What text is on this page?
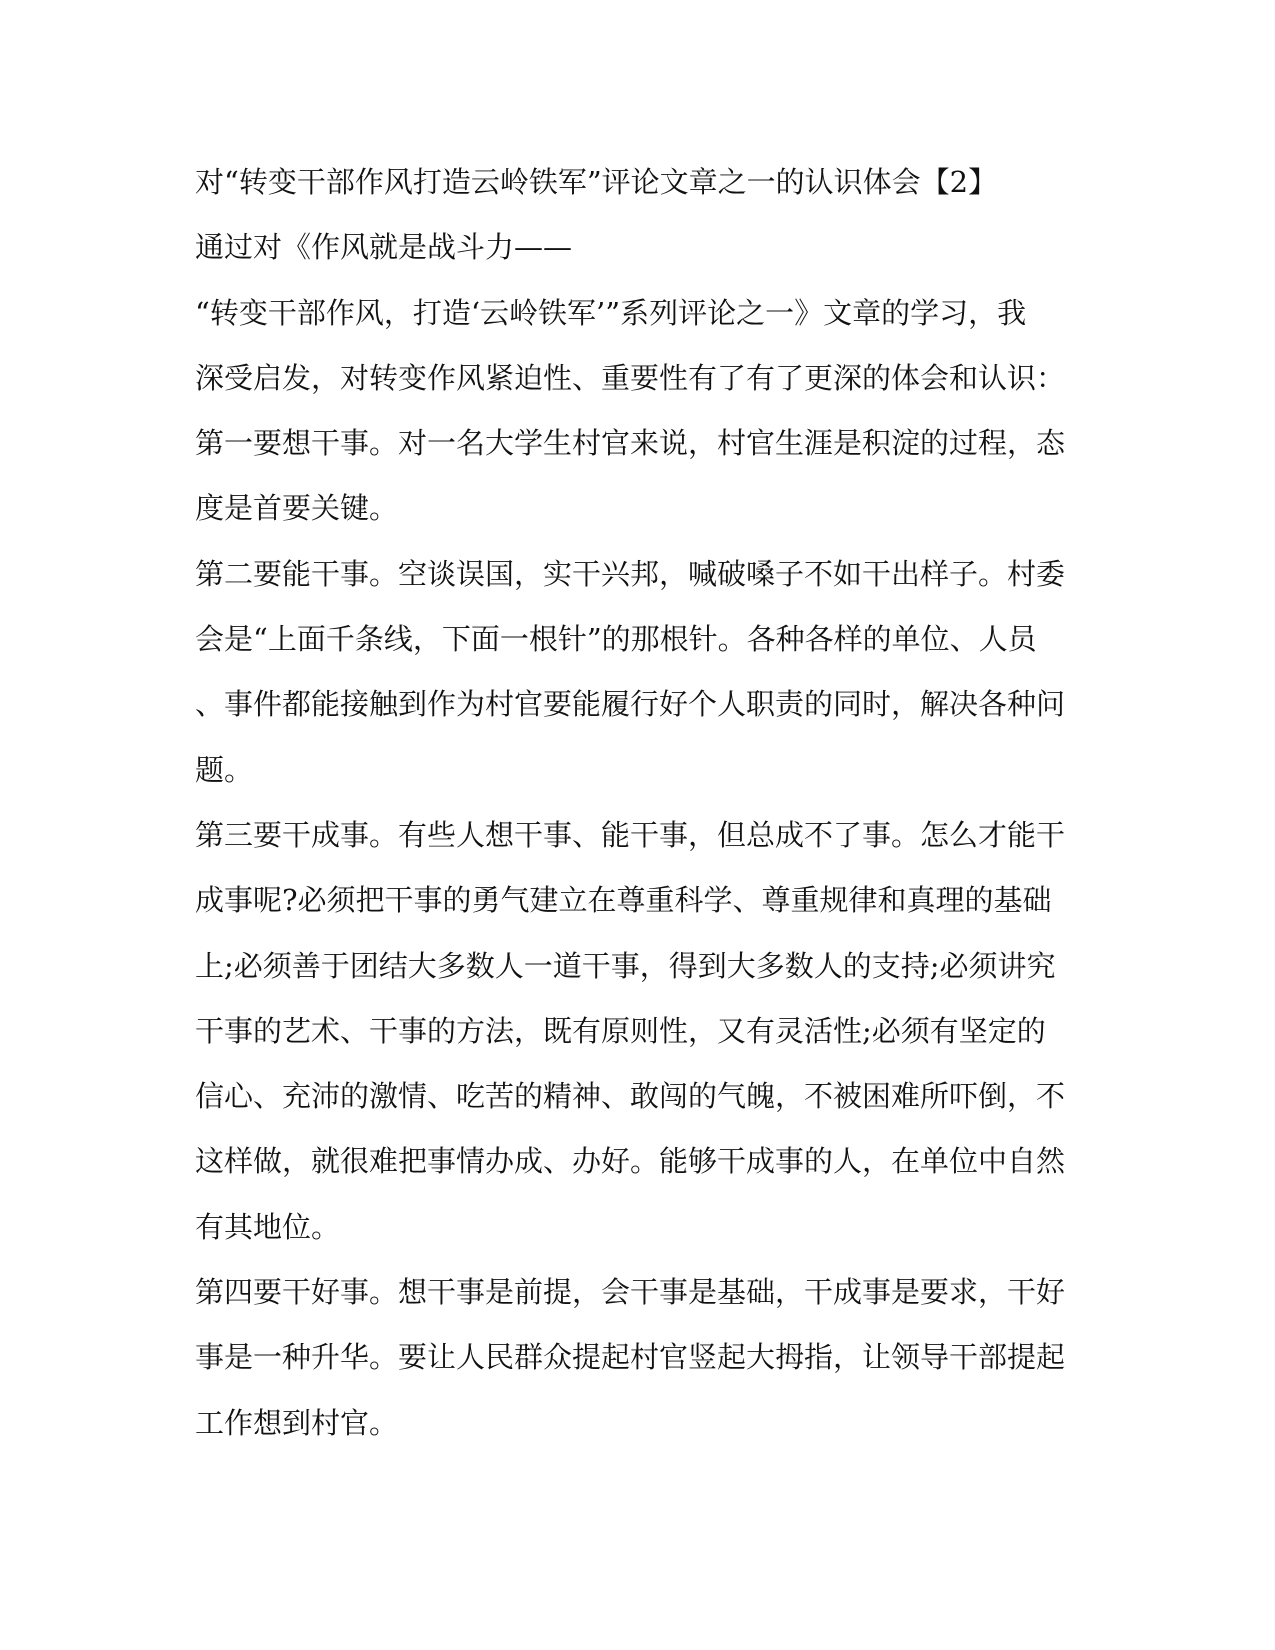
对“转变干部作风打造云岭铁军”评论文章之一的认识体会【2】
通过对《作风就是战斗力——
“转变干部作风，打造‘云岭铁军’”系列评论之一》文章的学习，我
深受启发，对转变作风紧迫性、重要性有了有了更深的体会和认识：
第一要想干事。对一名大学生村官来说，村官生涯是积淀的过程，态
度是首要关键。
第二要能干事。空谈误国，实干兴邦，喊破嗓子不如干出样子。村委
会是“上面千条线，下面一根针”的那根针。各种各样的单位、人员
、事件都能接触到作为村官要能履行好个人职责的同时，解决各种问
题。
第三要干成事。有些人想干事、能干事，但总成不了事。怎么才能干
成事呢?必须把干事的勇气建立在尊重科学、尊重规律和真理的基础
上;必须善于团结大多数人一道干事，得到大多数人的支持;必须讲究
干事的艺术、干事的方法，既有原则性，又有灵活性;必须有坚定的
信心、充沛的激情、吃苦的精神、敢闯的气魄，不被困难所吓倒，不
这样做，就很难把事情办成、办好。能够干成事的人，在单位中自然
有其地位。
第四要干好事。想干事是前提，会干事是基础，干成事是要求，干好
事是一种升华。要让人民群众提起村官竖起大拇指，让领导干部提起
工作想到村官。
